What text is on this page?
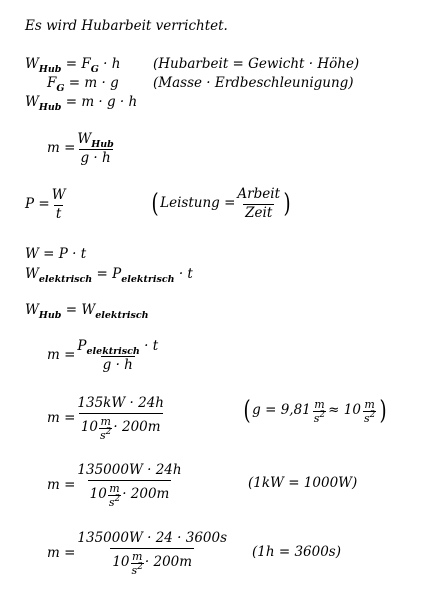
Es wird Hubarbeit verrichtet.
$W_{Hub} = F_G \cdot h$ (Hubarbeit = Gewicht · Höhe)
$F_G = m \cdot g$	(Masse · Erdbeschleunigung)
$W_{Hub} = m \cdot g \cdot h$
$m = \frac{W_{Hub}}{g \cdot h}$
$P = \frac{W}{t}$	( Leistung = $\frac{\text{Arbeit}}{\text{Zeit}}$ )
W = P · t
$W_{elektrisch} = P_{elektrisch} \cdot t$
$W_{Hub} = W_{elektrisch}$
$m = \frac{P_{elektrisch} \cdot t}{g \cdot h}$
$m = \frac{135kW \cdot 24h}{10 \frac{m}{s^2} \cdot 200m}$	( $g = 9,81 \frac{m}{s^2} \approx 10 \frac{m}{s^2}$ )
$m = \frac{135000W \cdot 24h}{10 \frac{m}{s^2} \cdot 200m}$	(1kW = 1000W)
$m = \frac{135000W \cdot 24 \cdot 3600s}{10 \frac{m}{s^2} \cdot 200m} (1h = 3600s)$
